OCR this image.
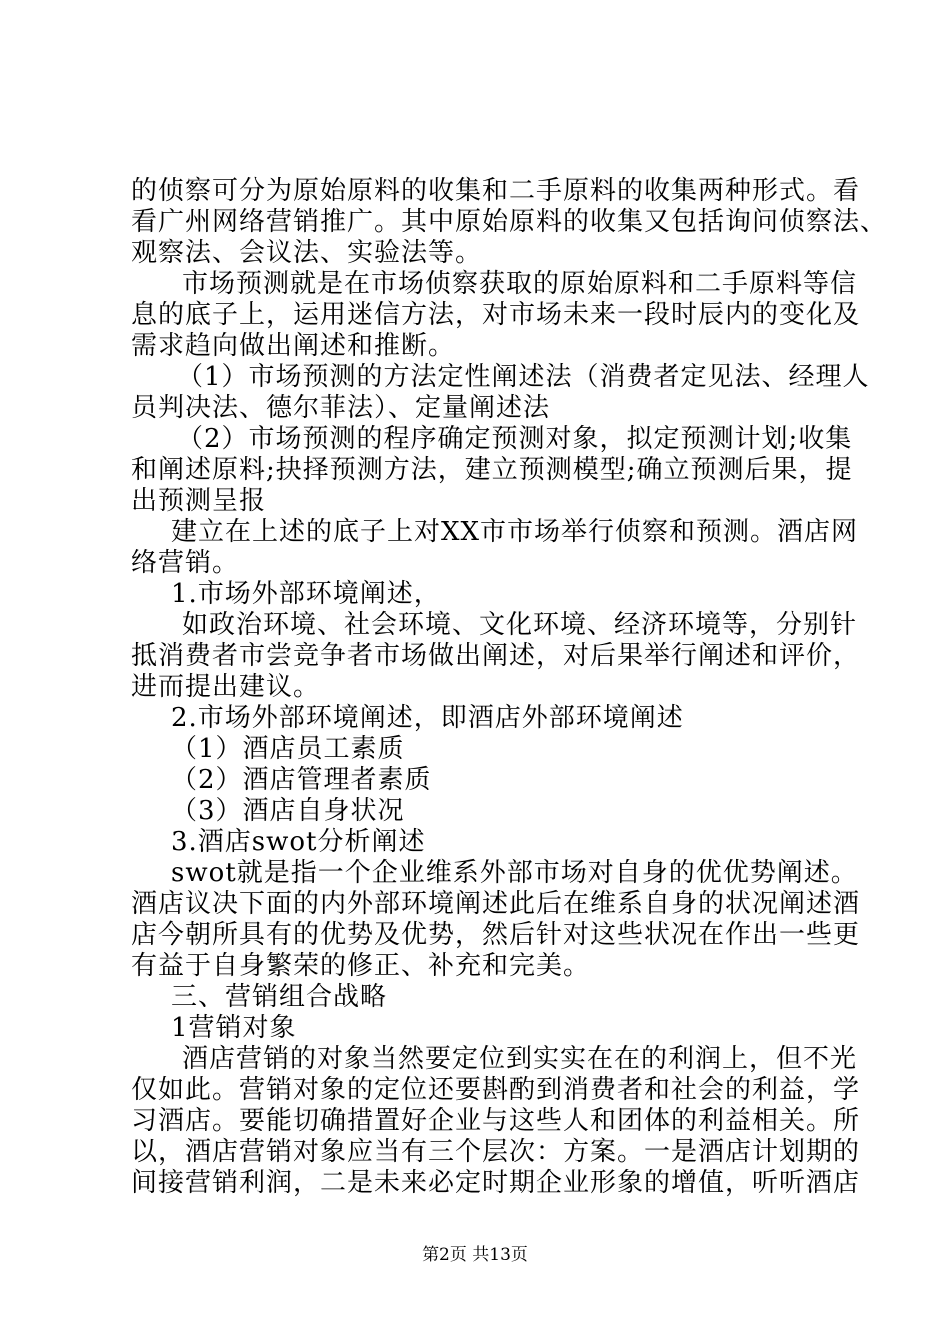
的侦察可分为原始原料的收集和二手原料的收集两种形式。看
看广州网络营销推广。其中原始原料的收集又包括询问侦察法、
观察法、会议法、实验法等。
市场预测就是在市场侦察获取的原始原料和二手原料等信
息的底子上，运用迷信方法，对市场未来一段时辰内的变化及
需求趋向做出阐述和推断。
（1）市场预测的方法定性阐述法（消费者定见法、经理人
员判决法、德尔菲法）、定量阐述法
（2）市场预测的程序确定预测对象，拟定预测计划;收集
和阐述原料;抉择预测方法，建立预测模型;确立预测后果，提
出预测呈报
建立在上述的底子上对XX市市场举行侦察和预测。酒店网
络营销。
1.市场外部环境阐述，
如政治环境、社会环境、文化环境、经济环境等，分别针
抵消费者市尝竞争者市场做出阐述，对后果举行阐述和评价，
进而提出建议。
2.市场外部环境阐述，即酒店外部环境阐述
（1）酒店员工素质
（2）酒店管理者素质
（3）酒店自身状况
3.酒店swot分析阐述
swot就是指一个企业维系外部市场对自身的优优势阐述。
酒店议决下面的内外部环境阐述此后在维系自身的状况阐述酒
店今朝所具有的优势及优势，然后针对这些状况在作出一些更
有益于自身繁荣的修正、补充和完美。
三、营销组合战略
1营销对象
酒店营销的对象当然要定位到实实在在的利润上，但不光
仅如此。营销对象的定位还要斟酌到消费者和社会的利益，学
习酒店。要能切确措置好企业与这些人和团体的利益相关。所
以，酒店营销对象应当有三个层次：方案。一是酒店计划期的
间接营销利润，二是未来必定时期企业形象的增值，听听酒店
第2页 共13页
